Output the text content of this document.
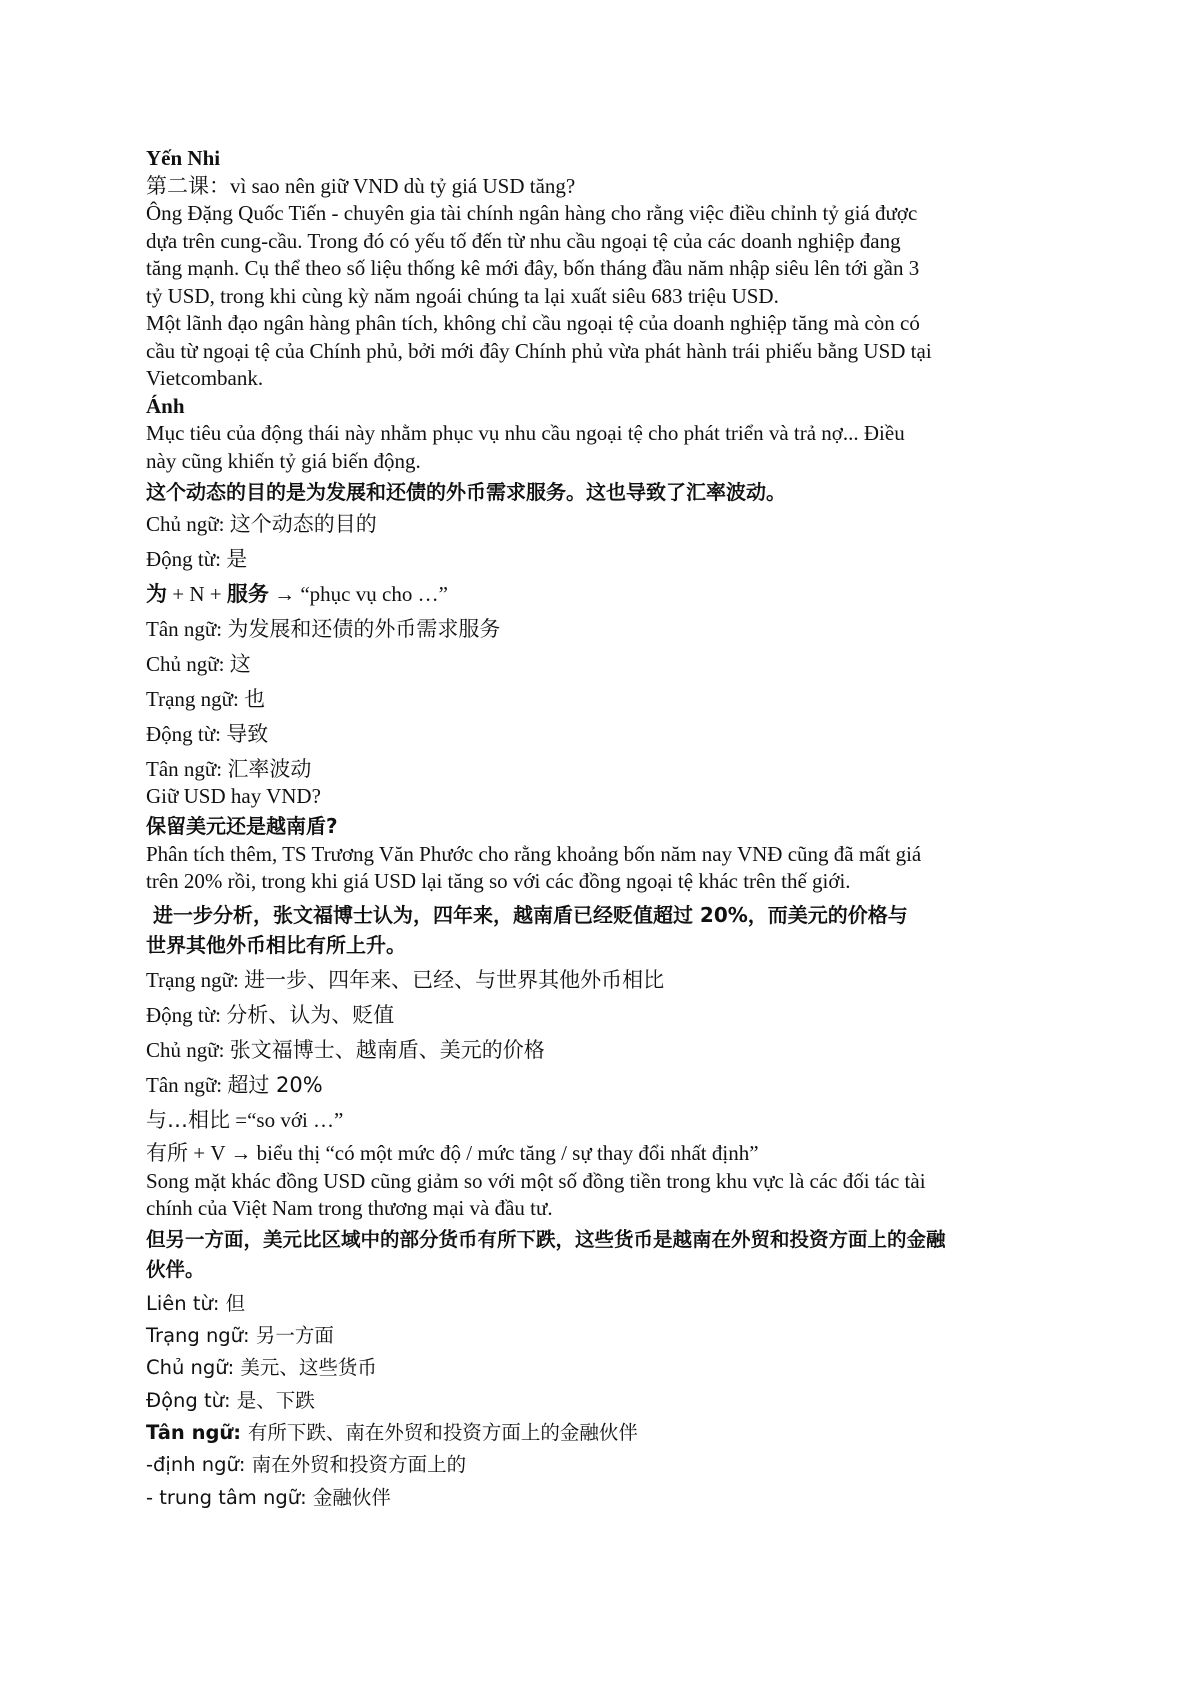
Yến Nhi
第二课：vì sao nên giữ VND dù tỷ giá USD tăng?
Ông Đặng Quốc Tiến - chuyên gia tài chính ngân hàng cho rằng việc điều chỉnh tỷ giá được
dựa trên cung-cầu. Trong đó có yếu tố đến từ nhu cầu ngoại tệ của các doanh nghiệp đang
tăng mạnh. Cụ thể theo số liệu thống kê mới đây, bốn tháng đầu năm nhập siêu lên tới gần 3
tỷ USD, trong khi cùng kỳ năm ngoái chúng ta lại xuất siêu 683 triệu USD.
Một lãnh đạo ngân hàng phân tích, không chỉ cầu ngoại tệ của doanh nghiệp tăng mà còn có
cầu từ ngoại tệ của Chính phủ, bởi mới đây Chính phủ vừa phát hành trái phiếu bằng USD tại
Vietcombank.
Ánh
Mục tiêu của động thái này nhằm phục vụ nhu cầu ngoại tệ cho phát triển và trả nợ... Điều
này cũng khiến tỷ giá biến động.
这个动态的目的是为发展和还债的外币需求服务。这也导致了汇率波动。
Chủ ngữ: 这个动态的目的
Động từ: 是
为 + N + 服务 → “phục vụ cho …”
Tân ngữ: 为发展和还债的外币需求服务
Chủ ngữ: 这
Trạng ngữ: 也
Động từ: 导致
Tân ngữ: 汇率波动
Giữ USD hay VND?
保留美元还是越南盾?
Phân tích thêm, TS Trương Văn Phước cho rằng khoảng bốn năm nay VNĐ cũng đã mất giá
trên 20% rồi, trong khi giá USD lại tăng so với các đồng ngoại tệ khác trên thế giới.
进一步分析，张文福博士认为，四年来，越南盾已经贬值超过 20%，而美元的价格与
世界其他外币相比有所上升。
Trạng ngữ: 进一步、四年来、已经、与世界其他外币相比
Động từ: 分析、认为、贬值
Chủ ngữ: 张文福博士、越南盾、美元的价格
Tân ngữ: 超过 20%
与…相比 =“so với …”
有所 + V → biểu thị “có một mức độ / mức tăng / sự thay đổi nhất định”
Song mặt khác đồng USD cũng giảm so với một số đồng tiền trong khu vực là các đối tác tài
chính của Việt Nam trong thương mại và đầu tư.
但另一方面，美元比区域中的部分货币有所下跌，这些货币是越南在外贸和投资方面上的金融
伙伴。
Liên từ: 但
Trạng ngữ: 另一方面
Chủ ngữ: 美元、这些货币
Động từ: 是、下跌
Tân ngữ: 有所下跌、南在外贸和投资方面上的金融伙伴
-định ngữ: 南在外贸和投资方面上的
- trung tâm ngữ: 金融伙伴
